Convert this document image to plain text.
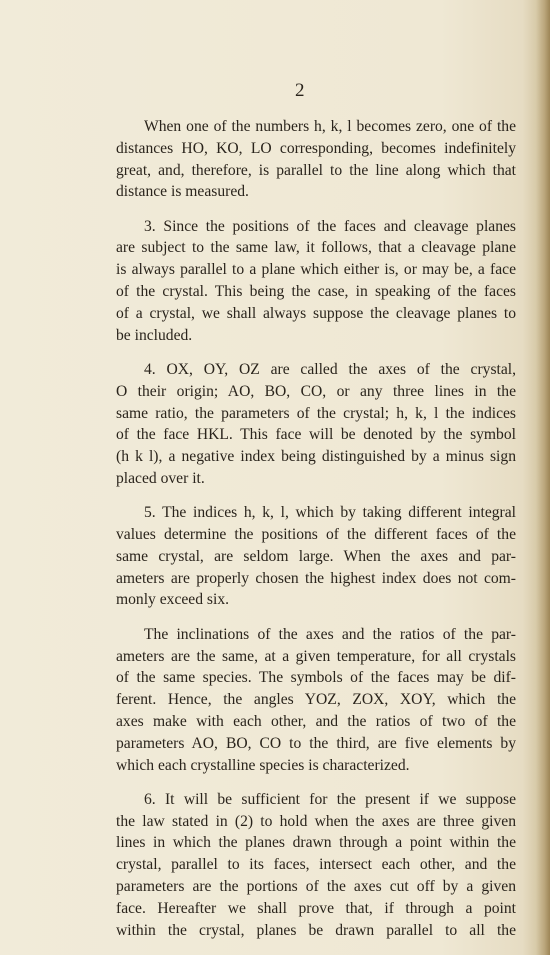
2

When one of the numbers h, k, l becomes zero, one of the
distances HO, KO, LO corresponding, becomes indefinitely
great, and, therefore, is parallel to the line along which that
distance is measured.

3. Since the positions of the faces and cleavage planes
are subject to the same law, it follows, that a cleavage plane
is always parallel to a plane which either is, or may be, a face
of the crystal. This being the case, in speaking of the faces
of a crystal, we shall always suppose the cleavage planes to
be included.

4. OX, OY, OZ are called the axes of the crystal,
O their origin; AO, BO, CO, or any three lines in the
same ratio, the parameters of the crystal; h, k, l the indices
of the face HKL. This face will be denoted by the symbol
(h k l), a negative index being distinguished by a minus sign
placed over it.

5. The indices h, k, l, which by taking different integral
values determine the positions of the different faces of the
same crystal, are seldom large. When the axes and par-
ameters are properly chosen the highest index does not com-
monly exceed six.

The inclinations of the axes and the ratios of the par-
ameters are the same, at a given temperature, for all crystals
of the same species. The symbols of the faces may be dif-
ferent. Hence, the angles YOZ, ZOX, XOY, which the
axes make with each other, and the ratios of two of the
parameters AO, BO, CO to the third, are five elements by
which each crystalline species is characterized.

6. It will be sufficient for the present if we suppose
the law stated in (2) to hold when the axes are three given
lines in which the planes drawn through a point within the
crystal, parallel to its faces, intersect each other, and the
parameters are the portions of the axes cut off by a given
face. Hereafter we shall prove that, if through a point
within the crystal, planes be drawn parallel to all the
